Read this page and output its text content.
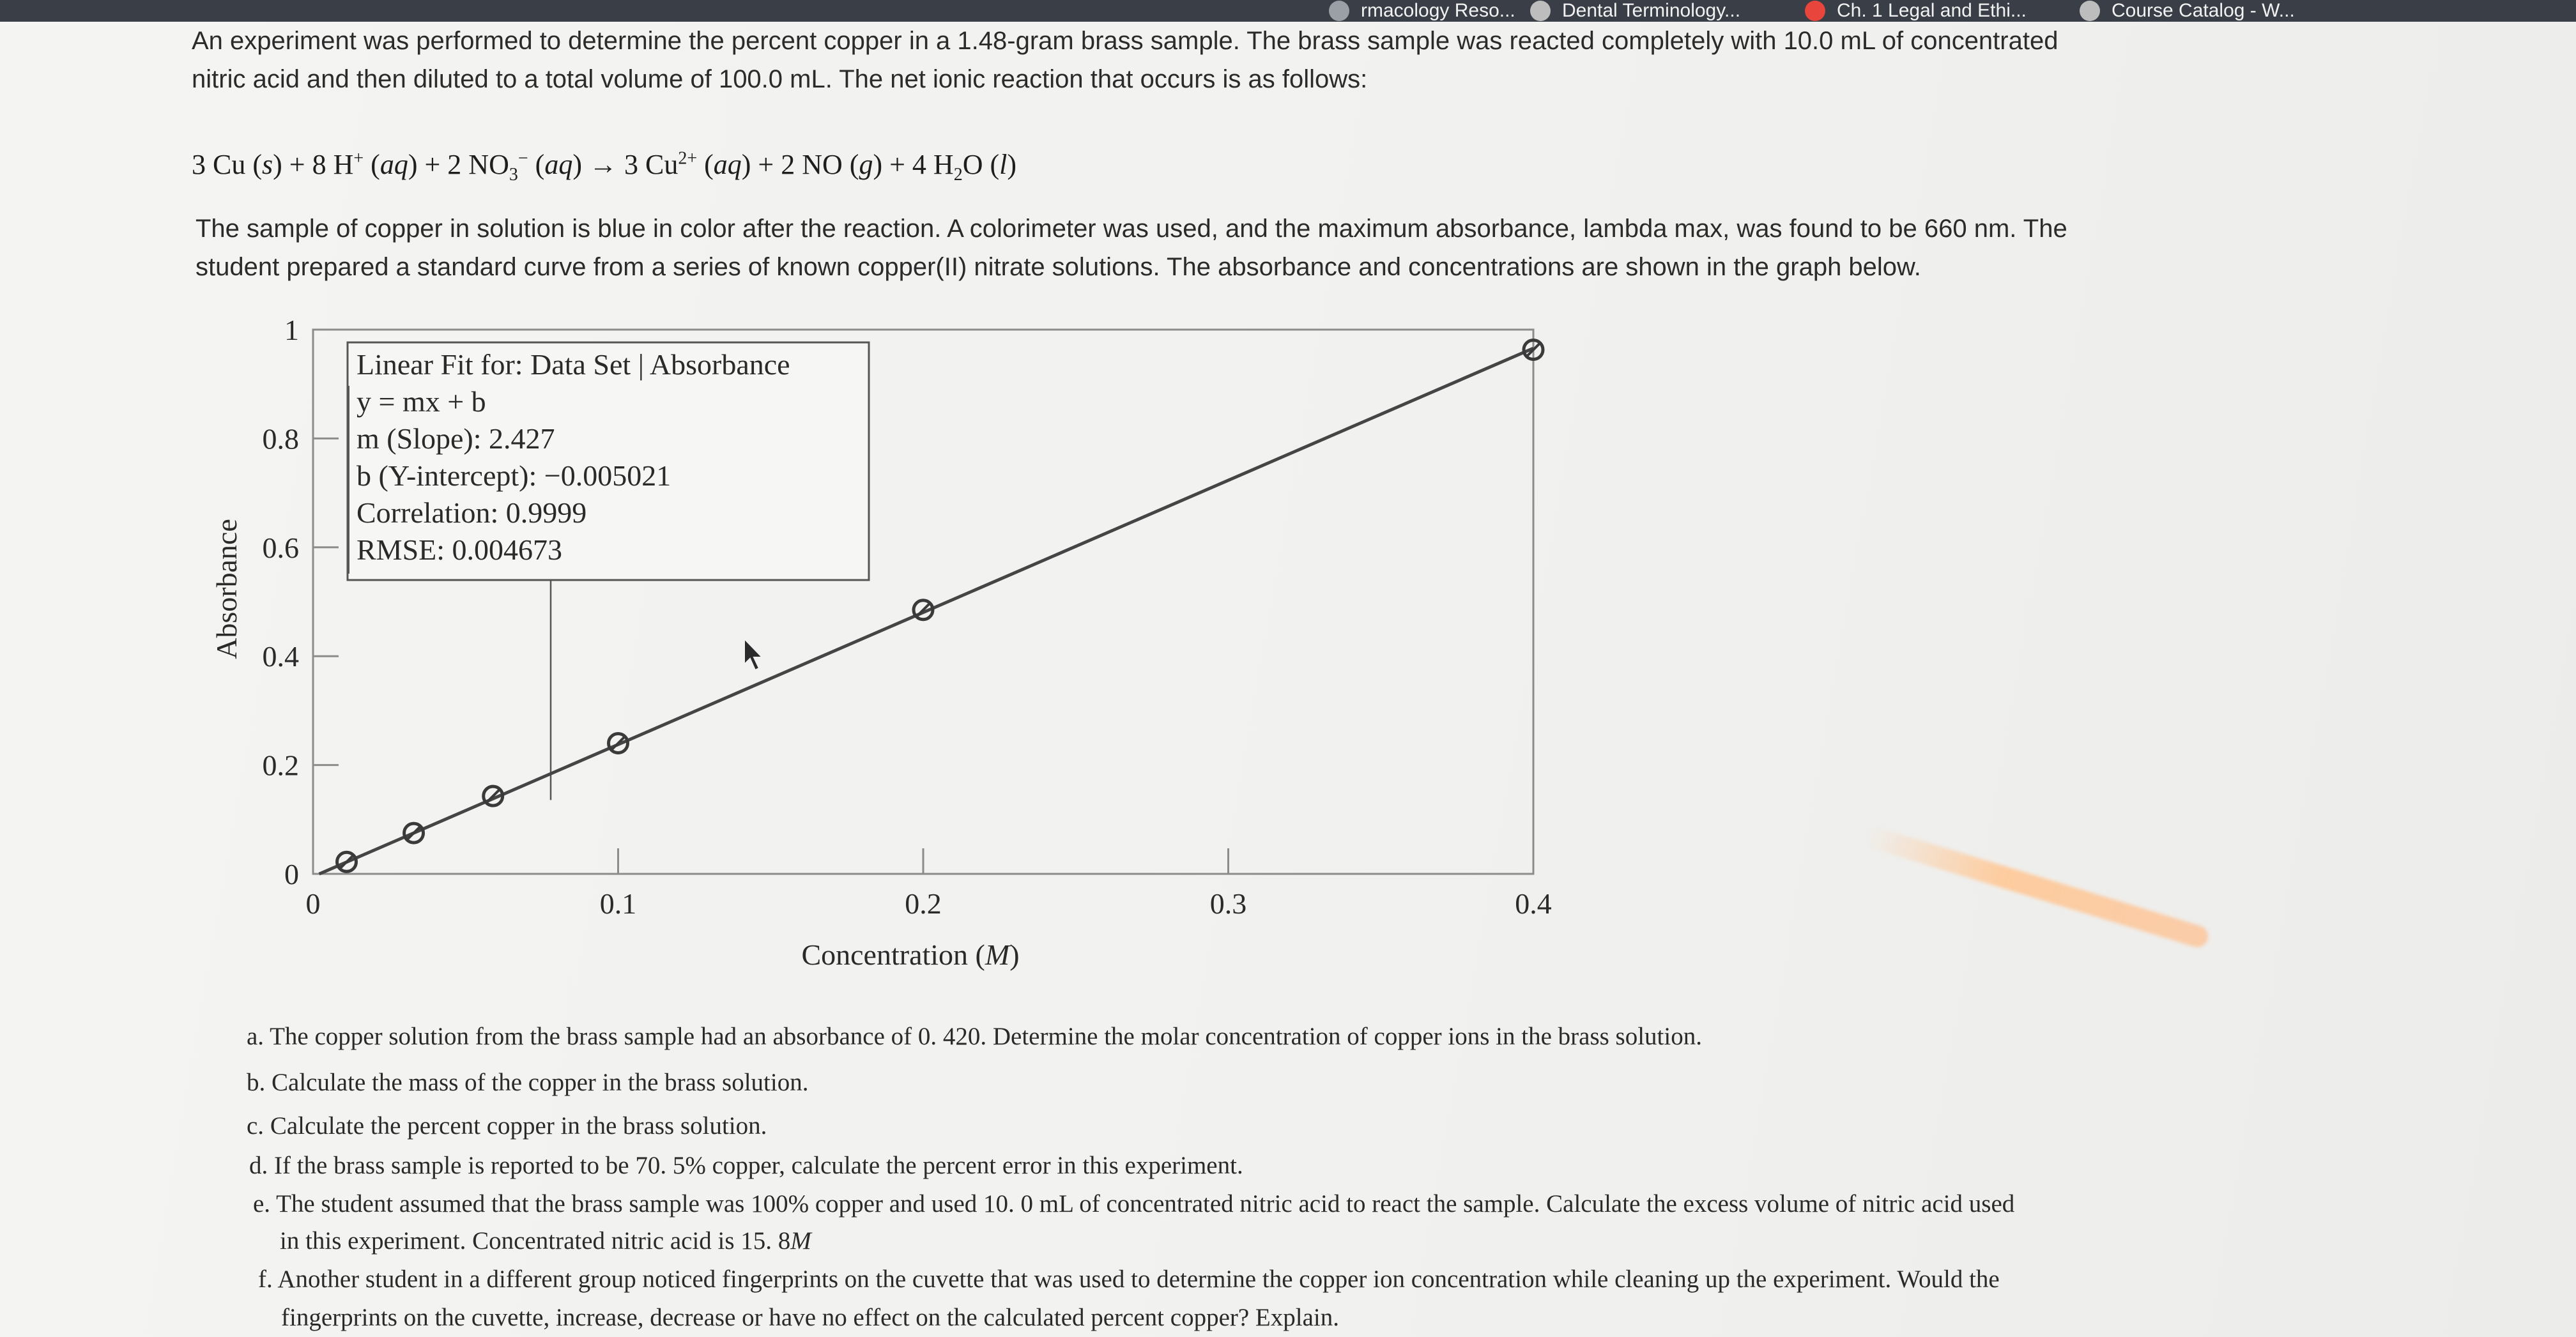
rmacology Reso... Dental Terminology...	Ch. 1 Legal and Ethi...	Course Catalog - W...
An experiment was performed to determine the percent copper in a 1.48-gram brass sample. The brass sample was reacted completely with 10.0 mL of concentrated
nitric acid and then diluted to a total volume of 100.0 mL. The net ionic reaction that occurs is as follows:
3 Cu (s) + 8 H+ (aq) + 2 $NO_3^-$ (aq) → 3 $Cu^{2+}$ (aq) + 2 NO (g) + 4 $H_2O$ (l)
The sample of copper in solution is blue in color after the reaction. A colorimeter was used, and the maximum absorbance, lambda max, was found to be 660 nm. The
student prepared a standard curve from a series of known copper(II) nitrate solutions. The absorbance and concentrations are shown in the graph below.
0
0.2
0.4
0.6
0.8
1
0	0.1	0.2	0.3	0.4
Linear Fit for: Data Set | Absorbance
y = mx + b
m (Slope): 2.427
b (Y-intercept): −0.005021
Correlation: 0.9999
RMSE: 0.004673
Absorbance
Concentration (M)
a. The copper solution from the brass sample had an absorbance of 0. 420. Determine the molar concentration of copper ions in the brass solution.
b. Calculate the mass of the copper in the brass solution.
c. Calculate the percent copper in the brass solution.
d. If the brass sample is reported to be 70. 5% copper, calculate the percent error in this experiment.
e. The student assumed that the brass sample was 100% copper and used 10. 0 mL of concentrated nitric acid to react the sample. Calculate the excess volume of nitric acid used
in this experiment. Concentrated nitric acid is 15. 8M
f. Another student in a different group noticed fingerprints on the cuvette that was used to determine the copper ion concentration while cleaning up the experiment. Would the
fingerprints on the cuvette, increase, decrease or have no effect on the calculated percent copper? Explain.
